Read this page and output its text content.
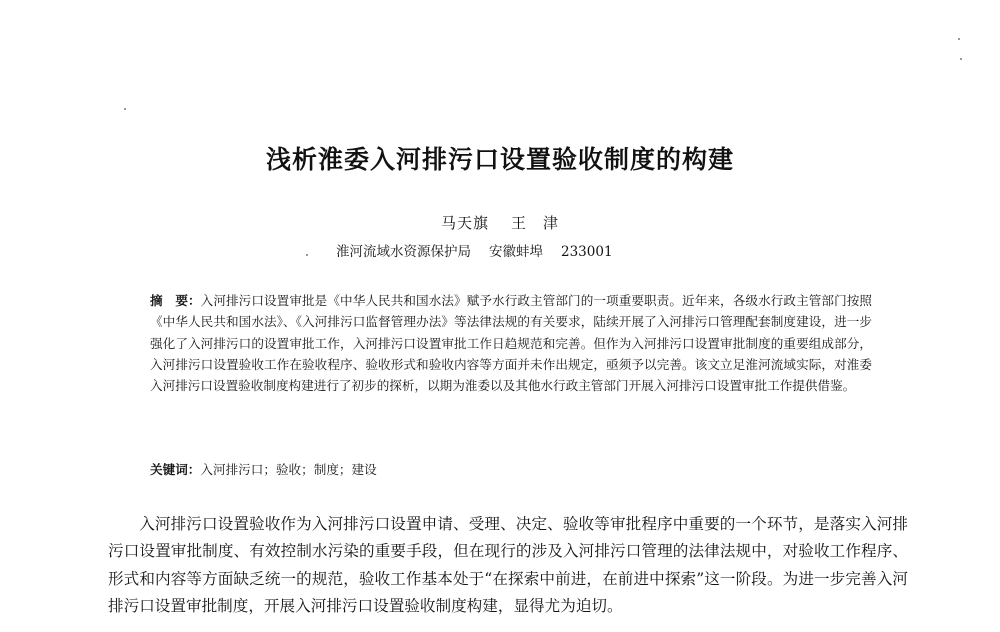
浅析淮委入河排污口设置验收制度的构建
马天旗 王　津
淮河流域水资源保护局 安徽蚌埠 233001
摘　要：入河排污口设置审批是《中华人民共和国水法》赋予水行政主管部门的一项重要职责。近年来，各级水行政主管部门按照《中华人民共和国水法》、《入河排污口监督管理办法》等法律法规的有关要求，陆续开展了入河排污口管理配套制度建设，进一步强化了入河排污口的设置审批工作，入河排污口设置审批工作日趋规范和完善。但作为入河排污口设置审批制度的重要组成部分，入河排污口设置验收工作在验收程序、验收形式和验收内容等方面并未作出规定，亟须予以完善。该文立足淮河流域实际，对淮委入河排污口设置验收制度构建进行了初步的探析，以期为淮委以及其他水行政主管部门开展入河排污口设置审批工作提供借鉴。
关键词：入河排污口；验收；制度；建设
入河排污口设置验收作为入河排污口设置申请、受理、决定、验收等审批程序中重要的一个环节，是落实入河排污口设置审批制度、有效控制水污染的重要手段，但在现行的涉及入河排污口管理的法律法规中，对验收工作程序、形式和内容等方面缺乏统一的规范，验收工作基本处于“在探索中前进，在前进中探索”这一阶段。为进一步完善入河排污口设置审批制度，开展入河排污口设置验收制度构建，显得尤为迫切。
